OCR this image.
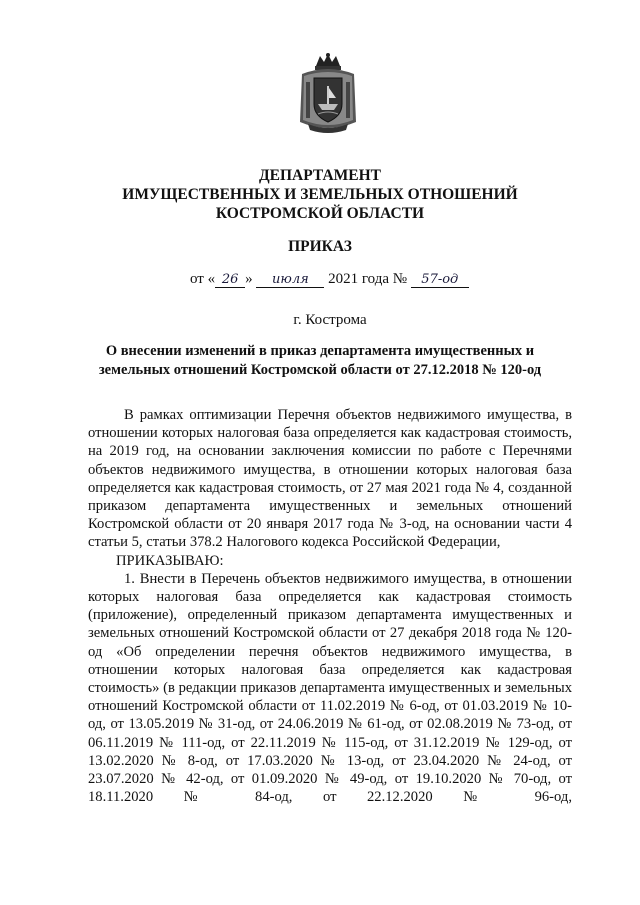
ДЕПАРТАМЕНТ
ИМУЩЕСТВЕННЫХ И ЗЕМЕЛЬНЫХ ОТНОШЕНИЙ
КОСТРОМСКОЙ ОБЛАСТИ
ПРИКАЗ
от « 26 » июля 2021 года № 57-од
г. Кострома
О внесении изменений в приказ департамента имущественных и
земельных отношений Костромской области от 27.12.2018 № 120-од

В рамках оптимизации Перечня объектов недвижимого имущества, в отношении которых налоговая база определяется как кадастровая стоимость, на 2019 год, на основании заключения комиссии по работе с Перечнями объектов недвижимого имущества, в отношении которых налоговая база определяется как кадастровая стоимость, от 27 мая 2021 года № 4, созданной приказом департамента имущественных и земельных отношений Костромской области от 20 января 2017 года № 3-од, на основании части 4 статьи 5, статьи 378.2 Налогового кодекса Российской Федерации,

ПРИКАЗЫВАЮ:

1. Внести в Перечень объектов недвижимого имущества, в отношении которых налоговая база определяется как кадастровая стоимость (приложение), определенный приказом департамента имущественных и земельных отношений Костромской области от 27 декабря 2018 года № 120-од «Об определении перечня объектов недвижимого имущества, в отношении которых налоговая база определяется как кадастровая стоимость» (в редакции приказов департамента имущественных и земельных отношений Костромской области от 11.02.2019 № 6-од, от 01.03.2019 № 10-од, от 13.05.2019 № 31-од, от 24.06.2019 № 61-од, от 02.08.2019 № 73-од, от 06.11.2019 № 111-од, от 22.11.2019 № 115-од, от 31.12.2019 № 129-од, от 13.02.2020 № 8-од, от 17.03.2020 № 13-од, от 23.04.2020 № 24-од, от 23.07.2020 № 42-од, от 01.09.2020 № 49-од, от 19.10.2020 № 70-од, от 18.11.2020 № 84-од, от 22.12.2020 № 96-од,
